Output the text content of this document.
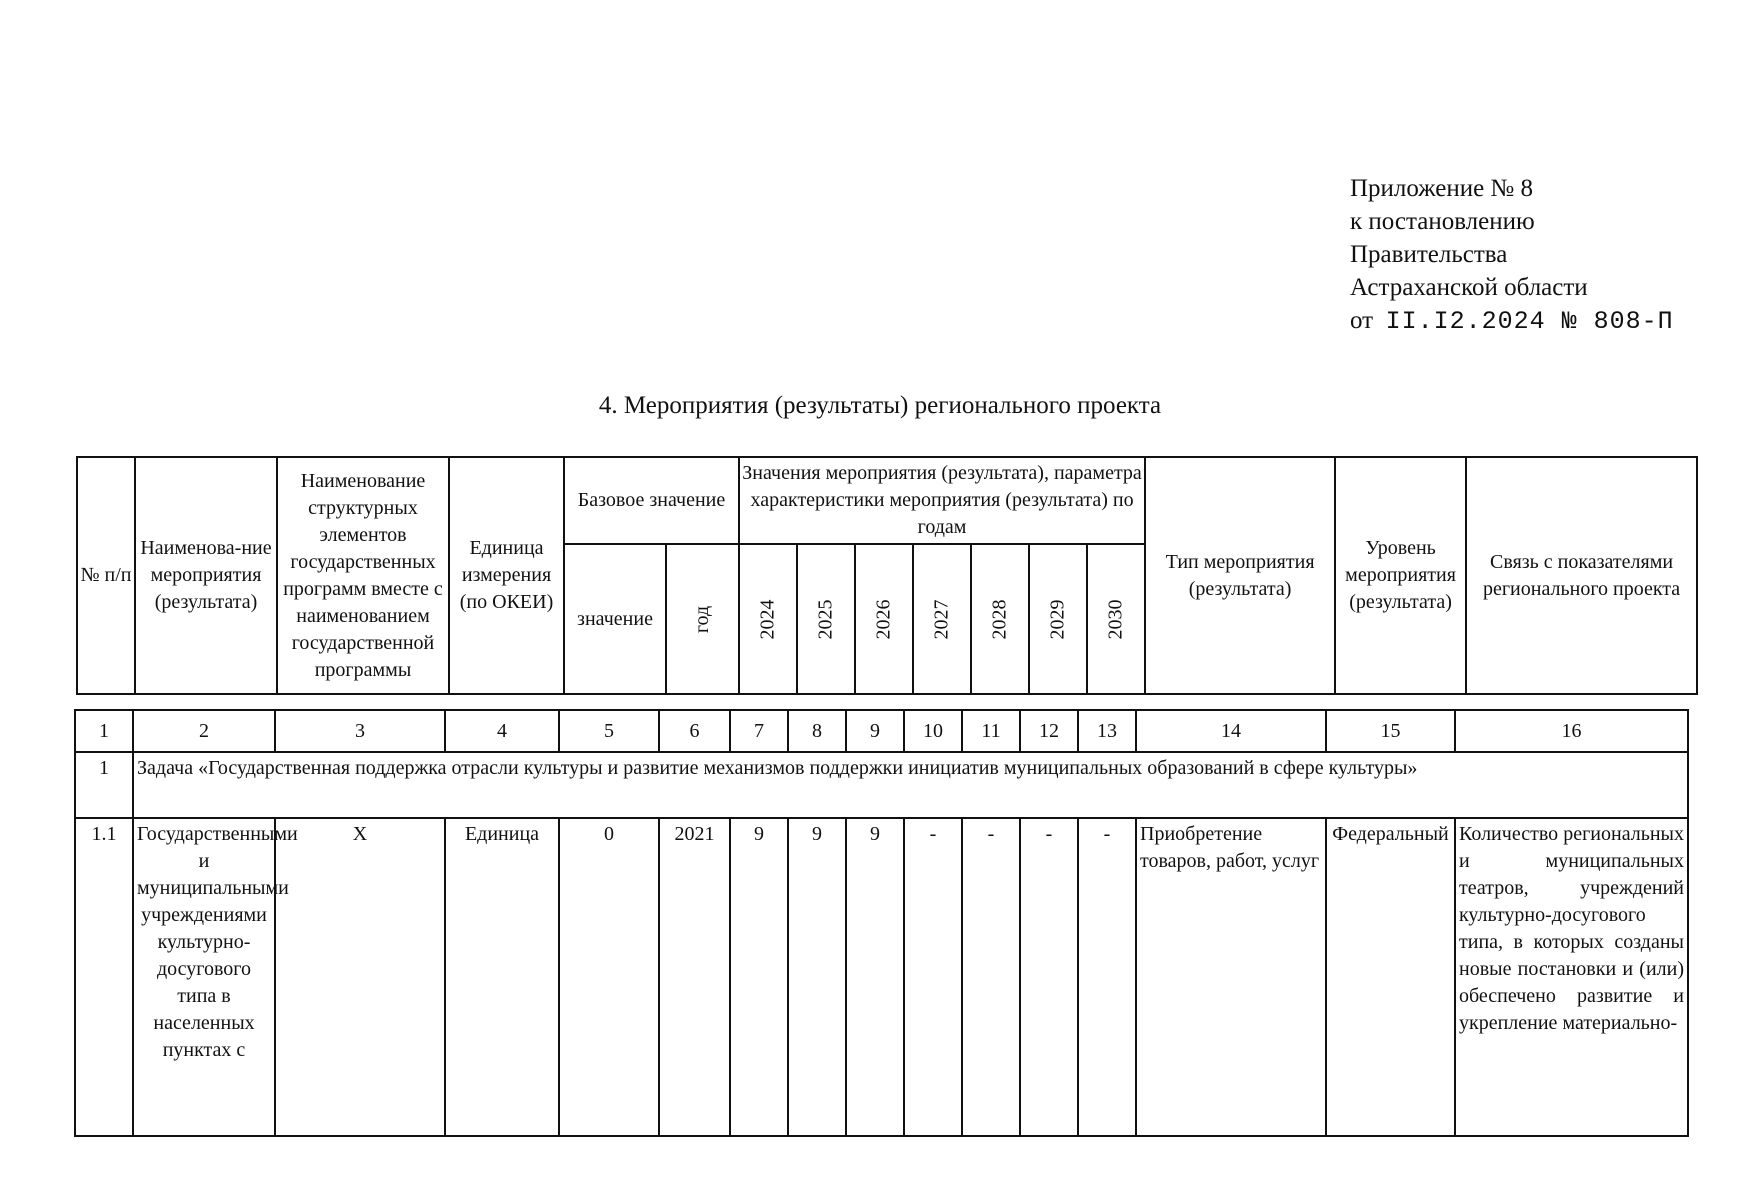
Приложение № 8
к постановлению
Правительства
Астраханской области
от II.I2.2024 № 808-П
4. Мероприятия (результаты) регионального проекта
№ п/п	Наименова-ние мероприятия (результата)	Наименование структурных элементов государственных программ вместе с наименованием государственной программы	Единица измерения (по ОКЕИ)	Базовое значение		Значения мероприятия (результата), параметра характеристики мероприятия (результата) по годам							Тип мероприятия (результата)	Уровень мероприятия (результата)	Связь с показателями регионального проекта
				значение	год	2024	2025	2026	2027	2028	2029	2030			
1	2	3	4	5	6	7	8	9	10	11	12	13	14	15	16
1	Задача «Государственная поддержка отрасли культуры и развитие механизмов поддержки инициатив муниципальных образований в сфере культуры»														
1.1	Государственными и муниципальными учреждениями культурно-досугового типа в населенных пунктах с	Х	Единица	0	2021	9	9	9	-	-	-	-	Приобретение товаров, работ, услуг	Федеральный	Количество региональных и муниципальных театров, учреждений культурно-досугового типа, в которых созданы новые постановки и (или) обеспечено развитие и укрепление материально-
